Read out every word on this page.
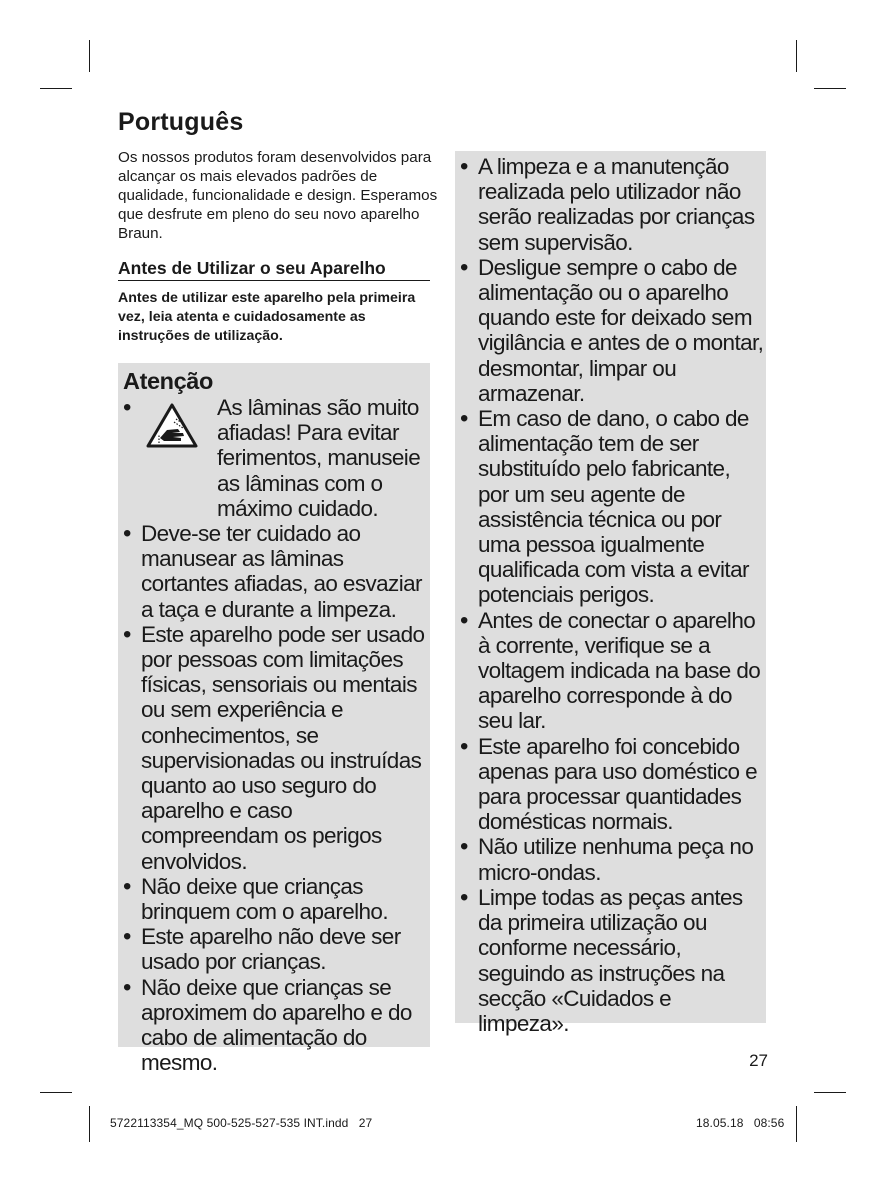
Português

Os nossos produtos foram desenvolvidos para alcançar os mais elevados padrões de qualidade, funcionalidade e design. Esperamos que desfrute em pleno do seu novo aparelho Braun.

Antes de Utilizar o seu Aparelho

Antes de utilizar este aparelho pela primeira vez, leia atenta e cuidadosamente as instruções de utilização.

Atenção
• As lâminas são muito afiadas! Para evitar ferimentos, manuseie as lâminas com o máximo cuidado.
• Deve-se ter cuidado ao manusear as lâminas cortantes afiadas, ao esvaziar a taça e durante a limpeza.
• Este aparelho pode ser usado por pessoas com limitações físicas, sensoriais ou mentais ou sem experiência e conhecimentos, se supervisionadas ou instruídas quanto ao uso seguro do aparelho e caso compreendam os perigos envolvidos.
• Não deixe que crianças brinquem com o aparelho.
• Este aparelho não deve ser usado por crianças.
• Não deixe que crianças se aproximem do aparelho e do cabo de alimentação do mesmo.
• A limpeza e a manutenção realizada pelo utilizador não serão realizadas por crianças sem supervisão.
• Desligue sempre o cabo de alimentação ou o aparelho quando este for deixado sem vigilância e antes de o montar, desmontar, limpar ou armazenar.
• Em caso de dano, o cabo de alimentação tem de ser substituído pelo fabricante, por um seu agente de assistência técnica ou por uma pessoa igualmente qualificada com vista a evitar potenciais perigos.
• Antes de conectar o aparelho à corrente, verifique se a voltagem indicada na base do aparelho corresponde à do seu lar.
• Este aparelho foi concebido apenas para uso doméstico e para processar quantidades domésticas normais.
• Não utilize nenhuma peça no micro-ondas.
• Limpe todas as peças antes da primeira utilização ou conforme necessário, seguindo as instruções na secção «Cuidados e limpeza».
27
5722113354_MQ 500-525-527-535 INT.indd   27	18.05.18   08:56
